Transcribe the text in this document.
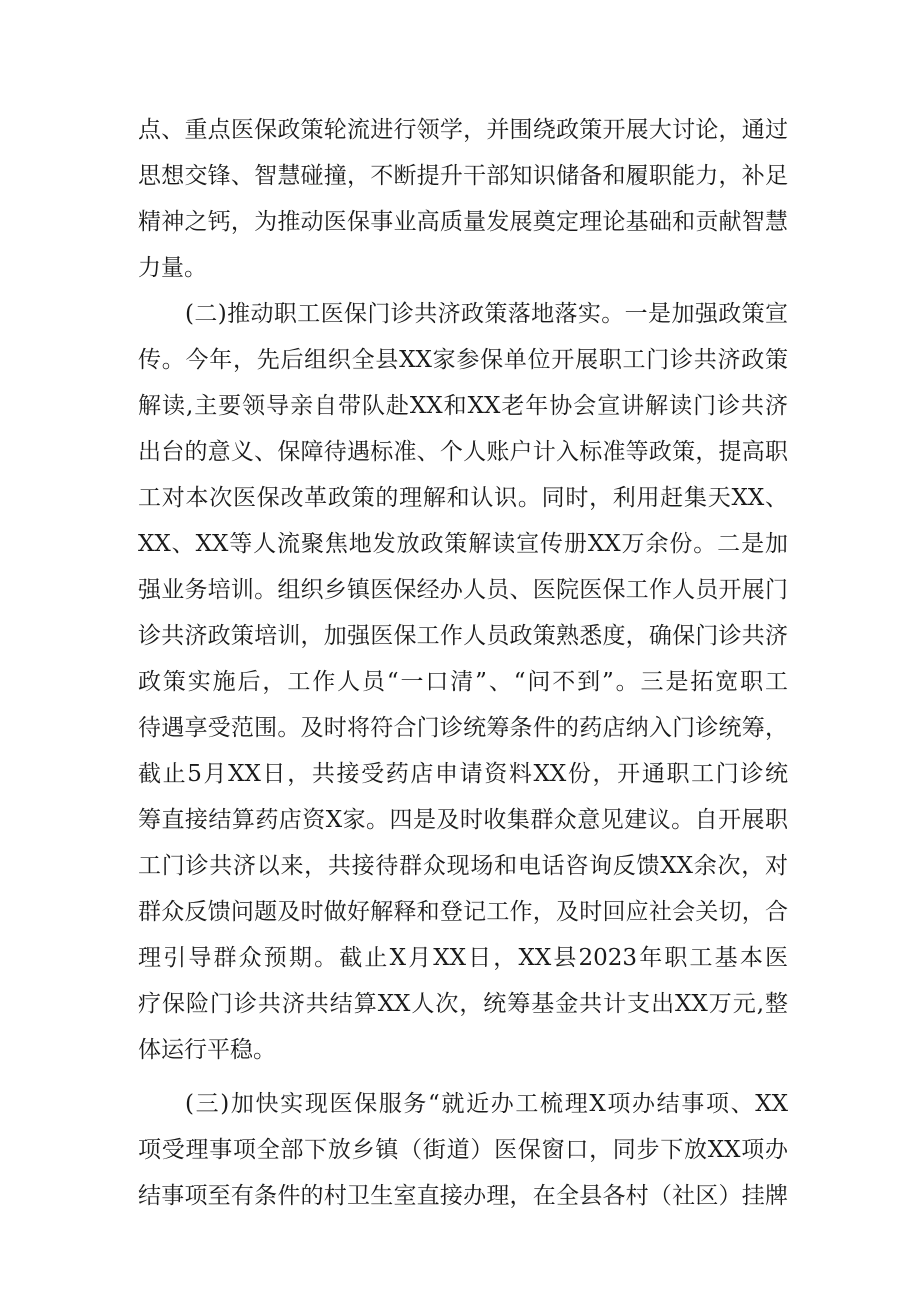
点、重点医保政策轮流进行领学，并围绕政策开展大讨论，通过
思想交锋、智慧碰撞，不断提升干部知识储备和履职能力，补足
精神之钙，为推动医保事业高质量发展奠定理论基础和贡献智慧
力量。
(二)推动职工医保门诊共济政策落地落实。一是加强政策宣
传。今年，先后组织全县XX家参保单位开展职工门诊共济政策
解读,主要领导亲自带队赴XX和XX老年协会宣讲解读门诊共济
出台的意义、保障待遇标准、个人账户计入标准等政策，提高职
工对本次医保改革政策的理解和认识。同时，利用赶集天XX、
XX、XX等人流聚焦地发放政策解读宣传册XX万余份。二是加
强业务培训。组织乡镇医保经办人员、医院医保工作人员开展门
诊共济政策培训，加强医保工作人员政策熟悉度，确保门诊共济
政策实施后，工作人员“一口清”、“问不到”。三是拓宽职工
待遇享受范围。及时将符合门诊统筹条件的药店纳入门诊统筹，
截止5月XX日，共接受药店申请资料XX份，开通职工门诊统
筹直接结算药店资X家。四是及时收集群众意见建议。自开展职
工门诊共济以来，共接待群众现场和电话咨询反馈XX余次，对
群众反馈问题及时做好解释和登记工作，及时回应社会关切，合
理引导群众预期。截止X月XX日，XX县2023年职工基本医
疗保险门诊共济共结算XX人次，统筹基金共计支出XX万元,整
体运行平稳。
(三)加快实现医保服务“就近办工梳理X项办结事项、XX
项受理事项全部下放乡镇（街道）医保窗口，同步下放XX项办
结事项至有条件的村卫生室直接办理，在全县各村（社区）挂牌
